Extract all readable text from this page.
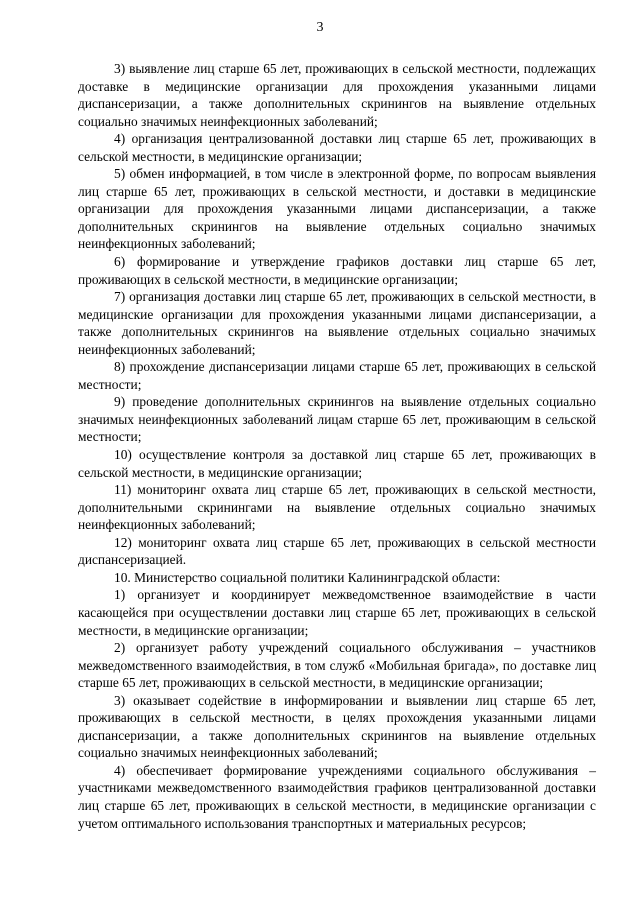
3

3) выявление лиц старше 65 лет, проживающих в сельской местности, подлежащих доставке в медицинские организации для прохождения указанными лицами диспансеризации, а также дополнительных скринингов на выявление отдельных социально значимых неинфекционных заболеваний;

4) организация централизованной доставки лиц старше 65 лет, проживающих в сельской местности, в медицинские организации;

5) обмен информацией, в том числе в электронной форме, по вопросам выявления лиц старше 65 лет, проживающих в сельской местности, и доставки в медицинские организации для прохождения указанными лицами диспансеризации, а также дополнительных скринингов на выявление отдельных социально значимых неинфекционных заболеваний;

6) формирование и утверждение графиков доставки лиц старше 65 лет, проживающих в сельской местности, в медицинские организации;

7) организация доставки лиц старше 65 лет, проживающих в сельской местности, в медицинские организации для прохождения указанными лицами диспансеризации, а также дополнительных скринингов на выявление отдельных социально значимых неинфекционных заболеваний;

8) прохождение диспансеризации лицами старше 65 лет, проживающих в сельской местности;

9) проведение дополнительных скринингов на выявление отдельных социально значимых неинфекционных заболеваний лицам старше 65 лет, проживающим в сельской местности;

10) осуществление контроля за доставкой лиц старше 65 лет, проживающих в сельской местности, в медицинские организации;

11) мониторинг охвата лиц старше 65 лет, проживающих в сельской местности, дополнительными скринингами на выявление отдельных социально значимых неинфекционных заболеваний;

12) мониторинг охвата лиц старше 65 лет, проживающих в сельской местности диспансеризацией.

10. Министерство социальной политики Калининградской области:

1) организует и координирует межведомственное взаимодействие в части касающейся при осуществлении доставки лиц старше 65 лет, проживающих в сельской местности, в медицинские организации;

2) организует работу учреждений социального обслуживания – участников межведомственного взаимодействия, в том служб «Мобильная бригада», по доставке лиц старше 65 лет, проживающих в сельской местности, в медицинские организации;

3) оказывает содействие в информировании и выявлении лиц старше 65 лет, проживающих в сельской местности, в целях прохождения указанными лицами диспансеризации, а также дополнительных скринингов на выявление отдельных социально значимых неинфекционных заболеваний;

4) обеспечивает формирование учреждениями социального обслуживания – участниками межведомственного взаимодействия графиков централизованной доставки лиц старше 65 лет, проживающих в сельской местности, в медицинские организации с учетом оптимального использования транспортных и материальных ресурсов;
